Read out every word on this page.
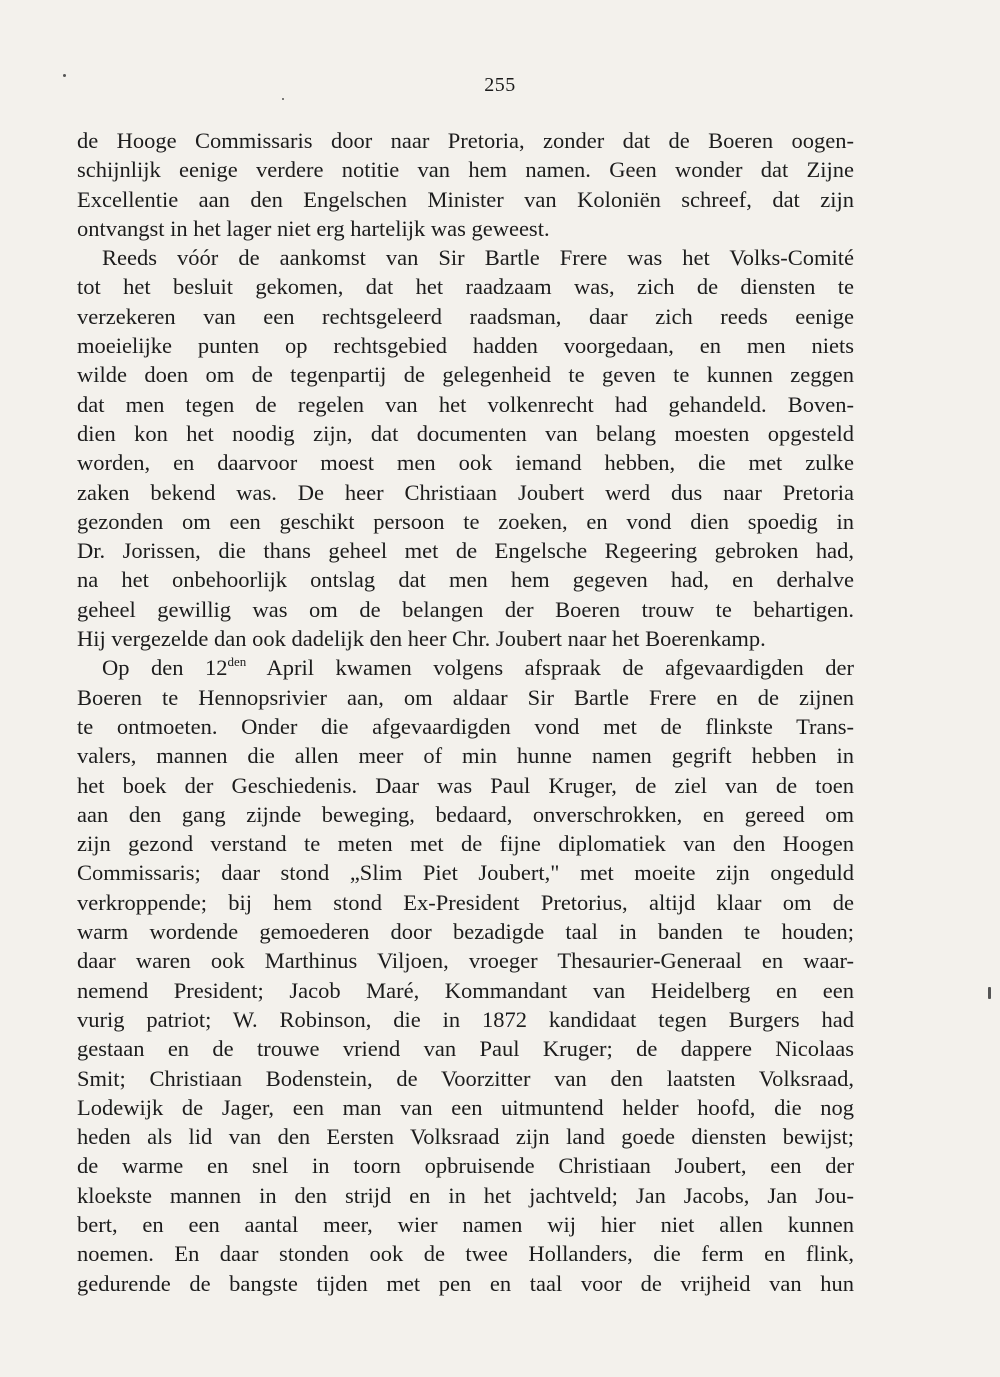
255
de Hooge Commissaris door naar Pretoria, zonder dat de Boeren oogen-
schijnlijk eenige verdere notitie van hem namen. Geen wonder dat Zijne
Excellentie aan den Engelschen Minister van Koloniën schreef, dat zijn
ontvangst in het lager niet erg hartelijk was geweest.
Reeds vóór de aankomst van Sir Bartle Frere was het Volks-Comité
tot het besluit gekomen, dat het raadzaam was, zich de diensten te
verzekeren van een rechtsgeleerd raadsman, daar zich reeds eenige
moeielijke punten op rechtsgebied hadden voorgedaan, en men niets
wilde doen om de tegenpartij de gelegenheid te geven te kunnen zeggen
dat men tegen de regelen van het volkenrecht had gehandeld. Boven-
dien kon het noodig zijn, dat documenten van belang moesten opgesteld
worden, en daarvoor moest men ook iemand hebben, die met zulke
zaken bekend was. De heer Christiaan Joubert werd dus naar Pretoria
gezonden om een geschikt persoon te zoeken, en vond dien spoedig in
Dr. Jorissen, die thans geheel met de Engelsche Regeering gebroken had,
na het onbehoorlijk ontslag dat men hem gegeven had, en derhalve
geheel gewillig was om de belangen der Boeren trouw te behartigen.
Hij vergezelde dan ook dadelijk den heer Chr. Joubert naar het Boerenkamp.
Op den $12^{den}$ April kwamen volgens afspraak de afgevaardigden der
Boeren te Hennopsrivier aan, om aldaar Sir Bartle Frere en de zijnen
te ontmoeten. Onder die afgevaardigden vond met de flinkste Trans-
valers, mannen die allen meer of min hunne namen gegrift hebben in
het boek der Geschiedenis. Daar was Paul Kruger, de ziel van de toen
aan den gang zijnde beweging, bedaard, onverschrokken, en gereed om
zijn gezond verstand te meten met de fijne diplomatiek van den Hoogen
Commissaris; daar stond „Slim Piet Joubert," met moeite zijn ongeduld
verkroppende; bij hem stond Ex-President Pretorius, altijd klaar om de
warm wordende gemoederen door bezadigde taal in banden te houden;
daar waren ook Marthinus Viljoen, vroeger Thesaurier-Generaal en waar-
nemend President; Jacob Maré, Kommandant van Heidelberg en een
vurig patriot; W. Robinson, die in 1872 kandidaat tegen Burgers had
gestaan en de trouwe vriend van Paul Kruger; de dappere Nicolaas
Smit; Christiaan Bodenstein, de Voorzitter van den laatsten Volksraad,
Lodewijk de Jager, een man van een uitmuntend helder hoofd, die nog
heden als lid van den Eersten Volksraad zijn land goede diensten bewijst;
de warme en snel in toorn opbruisende Christiaan Joubert, een der
kloekste mannen in den strijd en in het jachtveld; Jan Jacobs, Jan Jou-
bert, en een aantal meer, wier namen wij hier niet allen kunnen
noemen. En daar stonden ook de twee Hollanders, die ferm en flink,
gedurende de bangste tijden met pen en taal voor de vrijheid van hun
